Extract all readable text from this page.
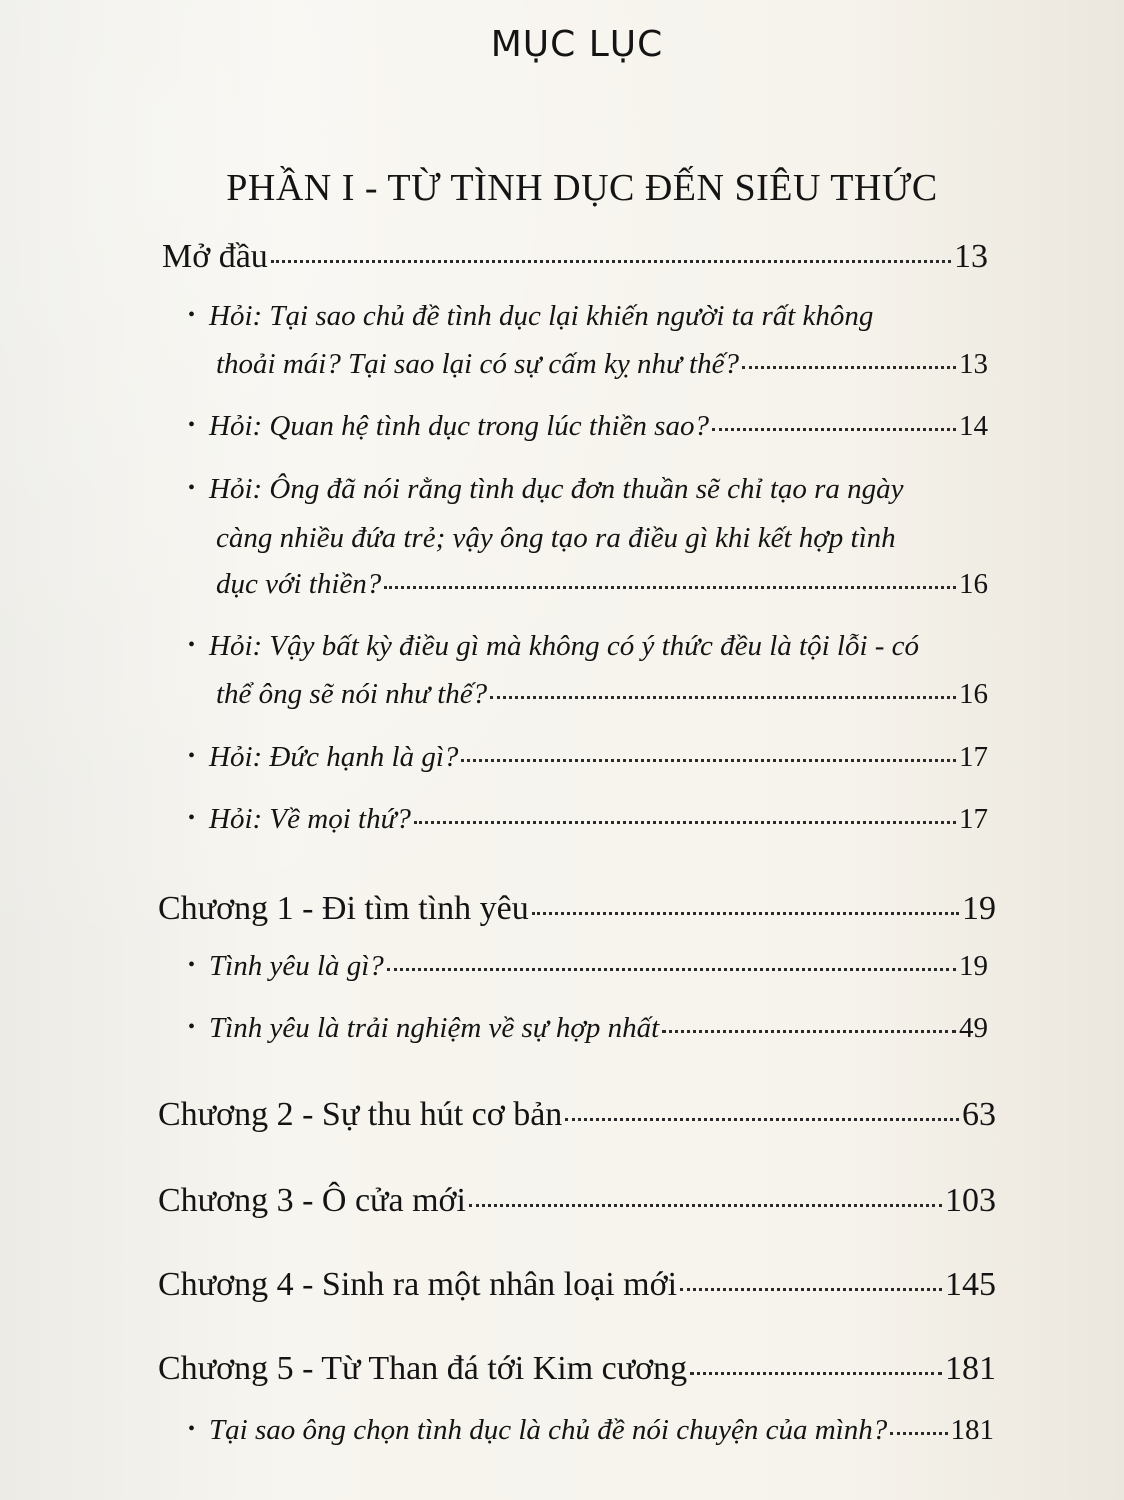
MỤC LỤC
PHẦN I - TỪ TÌNH DỤC ĐẾN SIÊU THỨC
Mở đầu	13
• Hỏi: Tại sao chủ đề tình dục lại khiến người ta rất không
thoải mái? Tại sao lại có sự cấm kỵ như thế?	13
• Hỏi: Quan hệ tình dục trong lúc thiền sao?	14
• Hỏi: Ông đã nói rằng tình dục đơn thuần sẽ chỉ tạo ra ngày
càng nhiều đứa trẻ; vậy ông tạo ra điều gì khi kết hợp tình
dục với thiền?	16
• Hỏi: Vậy bất kỳ điều gì mà không có ý thức đều là tội lỗi - có
thể ông sẽ nói như thế?	16
• Hỏi: Đức hạnh là gì?	17
• Hỏi: Về mọi thứ?	17
Chương 1 - Đi tìm tình yêu	19
• Tình yêu là gì?	19
• Tình yêu là trải nghiệm về sự hợp nhất	49
Chương 2 - Sự thu hút cơ bản	63
Chương 3 - Ô cửa mới	103
Chương 4 - Sinh ra một nhân loại mới	145
Chương 5 - Từ Than đá tới Kim cương	181
• Tại sao ông chọn tình dục là chủ đề nói chuyện của mình? 181
